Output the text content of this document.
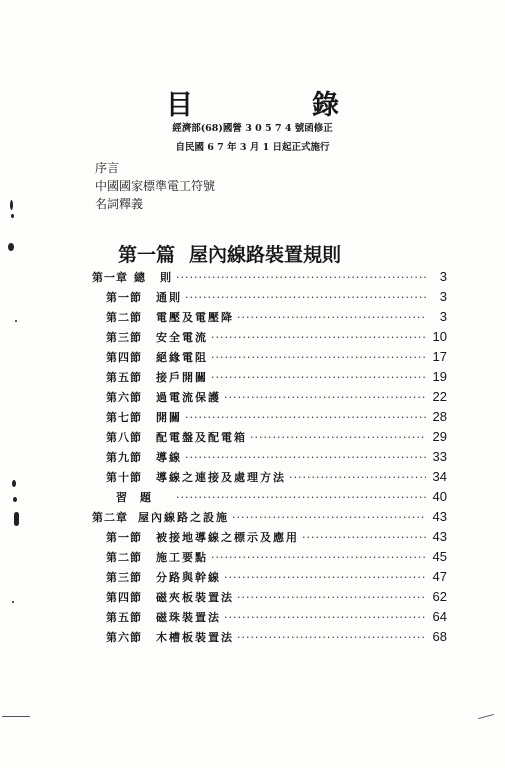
目　錄
經濟部(68)國營 3 0 5 7 4 號函修正
自民國 6 7 年 3 月 1 日起正式施行
序言
中國國家標準電工符號
名詞釋義
第一篇 屋內線路裝置規則
第一章 總　則 ·····	3
第一節 通則 ·····	3
第二節 電壓及電壓降 ·····	3
第三節 安全電流 ·····	10
第四節 絕緣電阻 ·····	17
第五節 接戶開關 ·····	19
第六節 過電流保護 ·····	22
第七節 開關 ·····	28
第八節 配電盤及配電箱 ·····	29
第九節 導線 ·····	33
第十節 導線之連接及處理方法 ·····	34
習　題 ·····	40
第二章 屋內線路之設施 ·····	43
第一節 被接地導線之標示及應用 ·····	43
第二節 施工要點 ·····	45
第三節 分路與幹線 ·····	47
第四節 磁夾板裝置法 ·····	62
第五節 磁珠裝置法 ·····	64
第六節 木槽板裝置法 ·····	68
